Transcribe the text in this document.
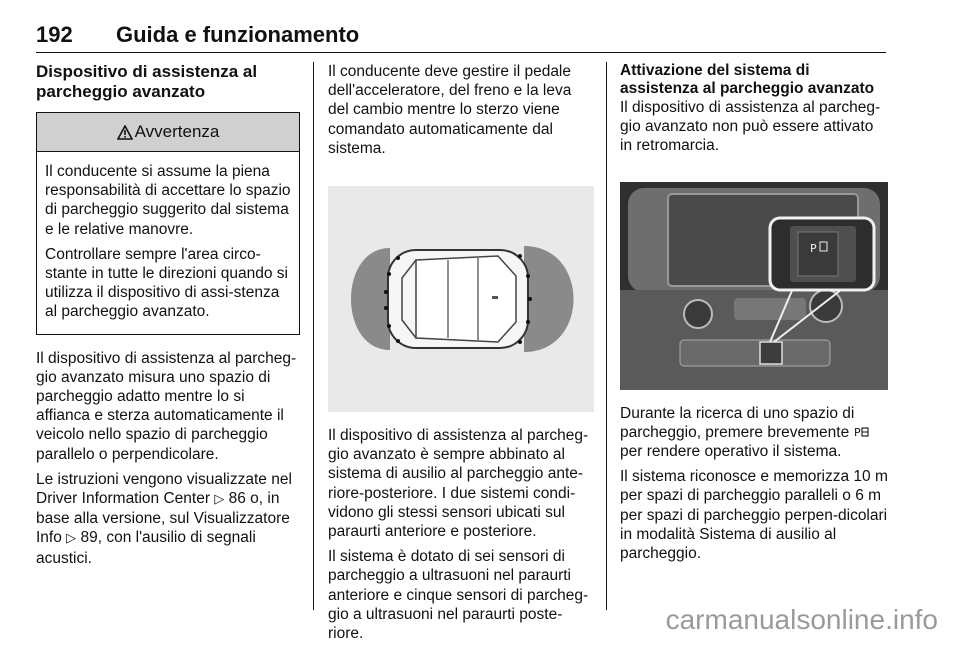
192 Guida e funzionamento
Dispositivo di assistenza al parcheggio avanzato
Avvertenza

Il conducente si assume la piena responsabilità di accettare lo spazio di parcheggio suggerito dal sistema e le relative manovre.

Controllare sempre l'area circo-stante in tutte le direzioni quando si utilizza il dispositivo di assi-stenza al parcheggio avanzato.

Il dispositivo di assistenza al parcheg-gio avanzato misura uno spazio di parcheggio adatto mentre lo si affianca e sterza automaticamente il veicolo nello spazio di parcheggio parallelo o perpendicolare.

Le istruzioni vengono visualizzate nel Driver Information Center ▷ 86 o, in base alla versione, sul Visualizzatore Info ▷ 89, con l'ausilio di segnali acustici.

Il conducente deve gestire il pedale dell'acceleratore, del freno e la leva del cambio mentre lo sterzo viene comandato automaticamente dal sistema.

Il dispositivo di assistenza al parcheg-gio avanzato è sempre abbinato al sistema di ausilio al parcheggio ante-riore-posteriore. I due sistemi condi-vidono gli stessi sensori ubicati sul paraurti anteriore e posteriore.

Il sistema è dotato di sei sensori di parcheggio a ultrasuoni nel paraurti anteriore e cinque sensori di parcheg-gio a ultrasuoni nel paraurti poste-riore.

Attivazione del sistema di assistenza al parcheggio avanzato

Il dispositivo di assistenza al parcheg-gio avanzato non può essere attivato in retromarcia.

P

Durante la ricerca di uno spazio di parcheggio, premere brevemente P
per rendere operativo il sistema.

Il sistema riconosce e memorizza 10 m per spazi di parcheggio paralleli o 6 m per spazi di parcheggio perpen-dicolari in modalità Sistema di ausilio al parcheggio.

carmanualsonline.info
